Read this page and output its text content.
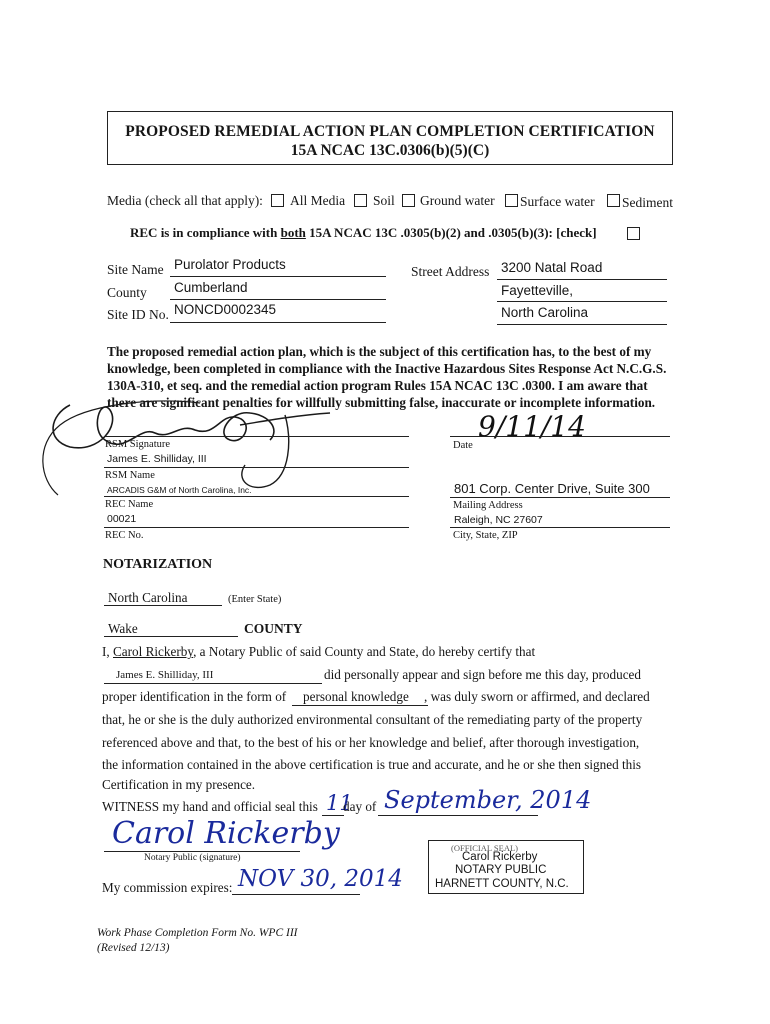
PROPOSED REMEDIAL ACTION PLAN COMPLETION CERTIFICATION
15A NCAC 13C.0306(b)(5)(C)
Media (check all that apply): All Media Soil Ground water Surface water Sediment
REC is in compliance with both 15A NCAC 13C .0305(b)(2) and .0305(b)(3): [check]
Site Name Purolator Products
County Cumberland
Site ID No. NONCD0002345
Street Address 3200 Natal Road
Fayetteville,
North Carolina
The proposed remedial action plan, which is the subject of this certification has, to the best of my
knowledge, been completed in compliance with the Inactive Hazardous Sites Response Act N.C.G.S.
130A-310, et seq. and the remedial action program Rules 15A NCAC 13C .0300. I am aware that
there are significant penalties for willfully submitting false, inaccurate or incomplete information.
RSM Signature
James E. Shilliday, III
RSM Name
ARCADIS G&M of North Carolina, Inc.
REC Name
00021
REC No.
9/11/14
Date
801 Corp. Center Drive, Suite 300
Mailing Address
Raleigh, NC 27607
City, State, ZIP
NOTARIZATION
North Carolina	(Enter State)
Wake	COUNTY
I, Carol Rickerby, a Notary Public of said County and State, do hereby certify that
James E. Shilliday, III	did personally appear and sign before me this day, produced
proper identification in the form of personal knowledge , was duly sworn or affirmed, and declared
that, he or she is the duly authorized environmental consultant of the remediating party of the property
referenced above and that, to the best of his or her knowledge and belief, after thorough investigation,
the information contained in the above certification is true and accurate, and he or she then signed this
Certification in my presence.
WITNESS my hand and official seal this 11
day of September, 2014
Carol Rickerby
Notary Public (signature)
My commission expires: NOV 30, 2014
(OFFICIAL SEAL)
Carol Rickerby
NOTARY PUBLIC
HARNETT COUNTY, N.C.
Work Phase Completion Form No. WPC III
(Revised 12/13)
